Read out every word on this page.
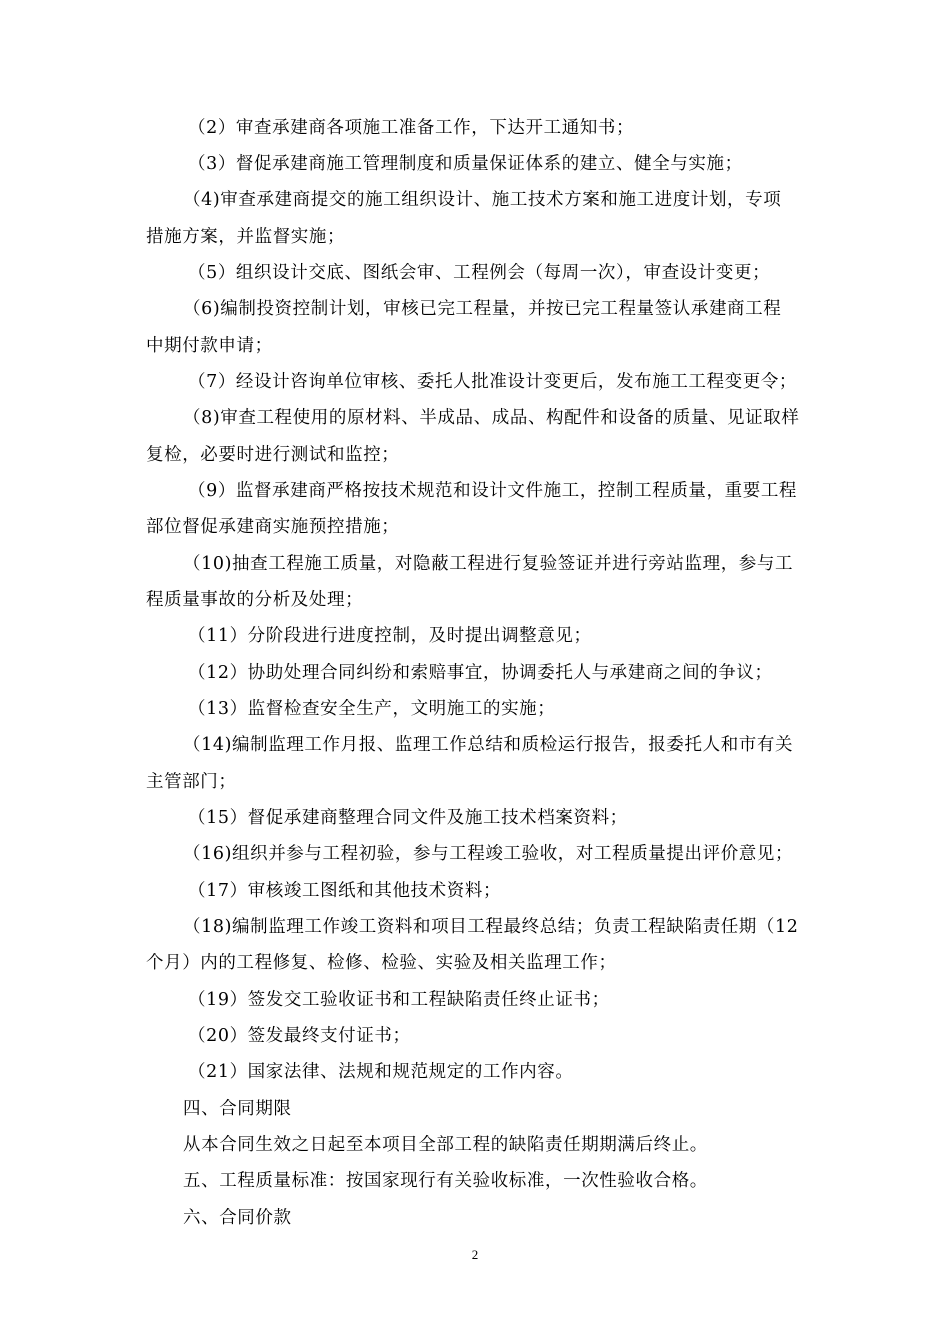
（2）审查承建商各项施工准备工作，下达开工通知书；
（3）督促承建商施工管理制度和质量保证体系的建立、健全与实施；
（4)审查承建商提交的施工组织设计、施工技术方案和施工进度计划，专项
措施方案，并监督实施；
（5）组织设计交底、图纸会审、工程例会（每周一次），审查设计变更；
（6)编制投资控制计划，审核已完工程量，并按已完工程量签认承建商工程
中期付款申请；
（7）经设计咨询单位审核、委托人批准设计变更后，发布施工工程变更令；
（8)审查工程使用的原材料、半成品、成品、构配件和设备的质量、见证取样
复检，必要时进行测试和监控；
（9）监督承建商严格按技术规范和设计文件施工，控制工程质量，重要工程
部位督促承建商实施预控措施；
（10)抽查工程施工质量，对隐蔽工程进行复验签证并进行旁站监理，参与工
程质量事故的分析及处理；
（11）分阶段进行进度控制，及时提出调整意见；
（12）协助处理合同纠纷和索赔事宜，协调委托人与承建商之间的争议；
（13）监督检查安全生产，文明施工的实施；
（14)编制监理工作月报、监理工作总结和质检运行报告，报委托人和市有关
主管部门；
（15）督促承建商整理合同文件及施工技术档案资料；
（16)组织并参与工程初验，参与工程竣工验收，对工程质量提出评价意见；
（17）审核竣工图纸和其他技术资料；
（18)编制监理工作竣工资料和项目工程最终总结；负责工程缺陷责任期（12
个月）内的工程修复、检修、检验、实验及相关监理工作；
（19）签发交工验收证书和工程缺陷责任终止证书；
（20）签发最终支付证书；
（21）国家法律、法规和规范规定的工作内容。
四、合同期限
从本合同生效之日起至本项目全部工程的缺陷责任期期满后终止。
五、工程质量标准：按国家现行有关验收标准，一次性验收合格。
六、合同价款
2
